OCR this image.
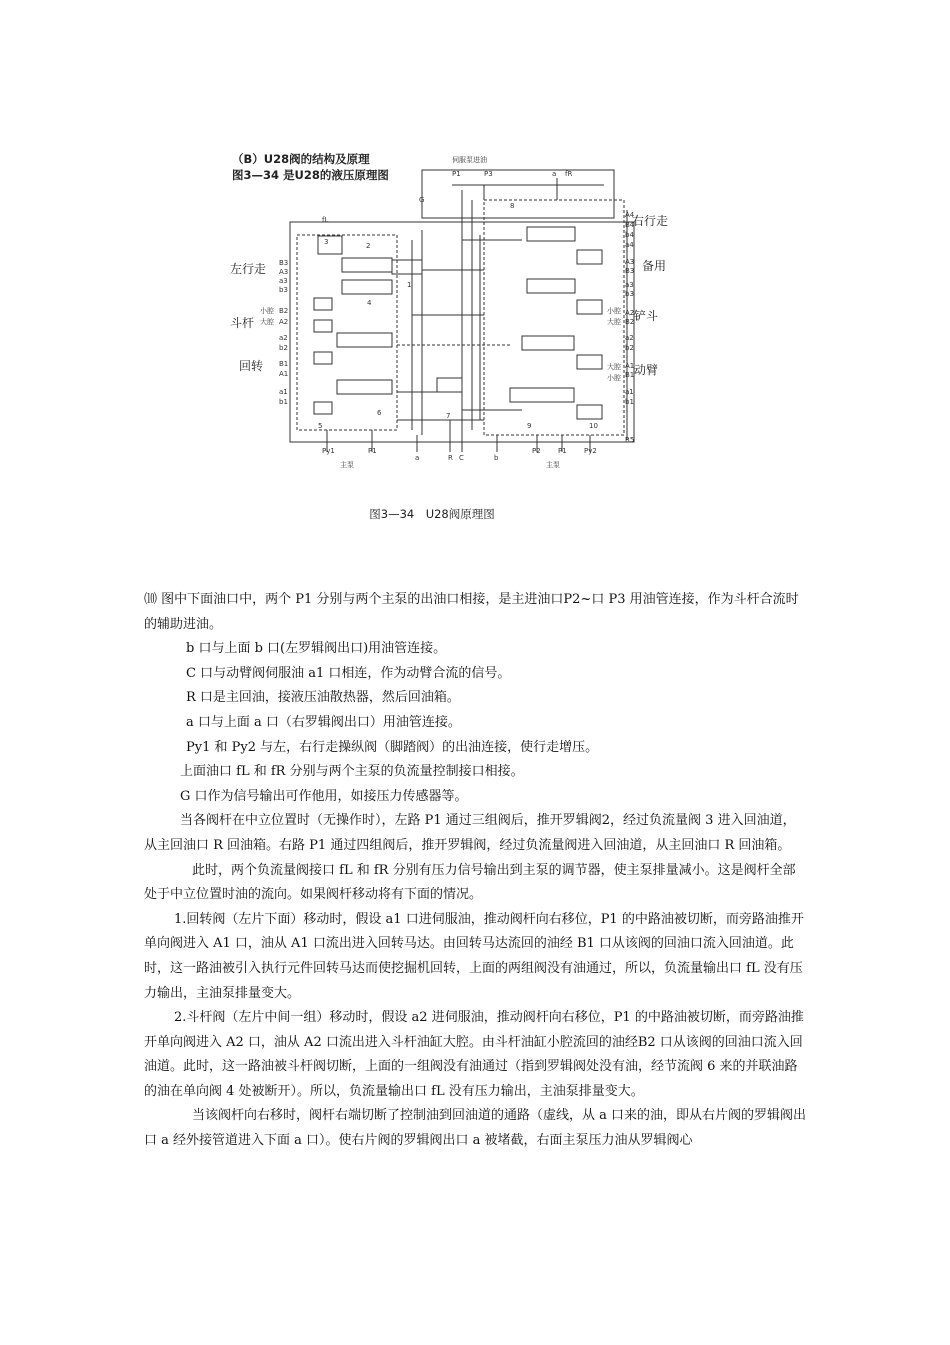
左行走
斗杆
回转
右行走
备用
伺服泵进油
P1	P3	a fR
fL
G
Py1	P1
a	R C	b
P2 P1 Py2
主泵	主泵
1
2
3
4
5
6	7
8
9	10
B3
A3
a3
b3
B2
A2
a2
b2
B1
A1
a1
b1
小腔
大腔
A4
B4
b4
a4
A3
B3
a3
b3
A2
B2
a2
b2
A1
B1
a1
b1
R5
小腔
大腔
大腔
小腔
铲斗
动臂
（B）U28阀的结构及原理
图3—34 是U28的液压原理图
图3—34　U28阀原理图

⑽ 图中下面油口中，两个 P1 分别与两个主泵的出油口相接，是主进油口P2~口 P3 用油管连接，作为斗杆合流时的辅助进油。

b 口与上面 b 口(左罗辑阀出口)用油管连接。

C 口与动臂阀伺服油 a1 口相连，作为动臂合流的信号。

R 口是主回油，接液压油散热器，然后回油箱。

a 口与上面 a 口（右罗辑阀出口）用油管连接。

Py1 和 Py2 与左，右行走操纵阀（脚踏阀）的出油连接，使行走增压。

上面油口 fL 和 fR 分别与两个主泵的负流量控制接口相接。

G 口作为信号输出可作他用，如接压力传感器等。

当各阀杆在中立位置时（无操作时），左路 P1 通过三组阀后，推开罗辑阀2，经过负流量阀 3 进入回油道，从主回油口 R 回油箱。右路 P1 通过四组阀后，推开罗辑阀，经过负流量阀进入回油道，从主回油口 R 回油箱。

此时，两个负流量阀接口 fL 和 fR 分别有压力信号输出到主泵的调节器，使主泵排量减小。这是阀杆全部处于中立位置时油的流向。如果阀杆移动将有下面的情况。

1.回转阀（左片下面）移动时，假设 a1 口进伺服油，推动阀杆向右移位，P1 的中路油被切断，而旁路油推开单向阀进入 A1 口，油从 A1 口流出进入回转马达。由回转马达流回的油经 B1 口从该阀的回油口流入回油道。此时，这一路油被引入执行元件回转马达而使挖掘机回转，上面的两组阀没有油通过，所以，负流量输出口 fL 没有压力输出，主油泵排量变大。

2.斗杆阀（左片中间一组）移动时，假设 a2 进伺服油，推动阀杆向右移位，P1 的中路油被切断，而旁路油推开单向阀进入 A2 口，油从 A2 口流出进入斗杆油缸大腔。由斗杆油缸小腔流回的油经B2 口从该阀的回油口流入回油道。此时，这一路油被斗杆阀切断，上面的一组阀没有油通过（指到罗辑阀处没有油，经节流阀 6 来的并联油路的油在单向阀 4 处被断开）。所以，负流量输出口 fL 没有压力输出，主油泵排量变大。

当该阀杆向右移时，阀杆右端切断了控制油到回油道的通路（虚线，从 a 口来的油，即从右片阀的罗辑阀出口 a 经外接管道进入下面 a 口）。使右片阀的罗辑阀出口 a 被堵截，右面主泵压力油从罗辑阀心
